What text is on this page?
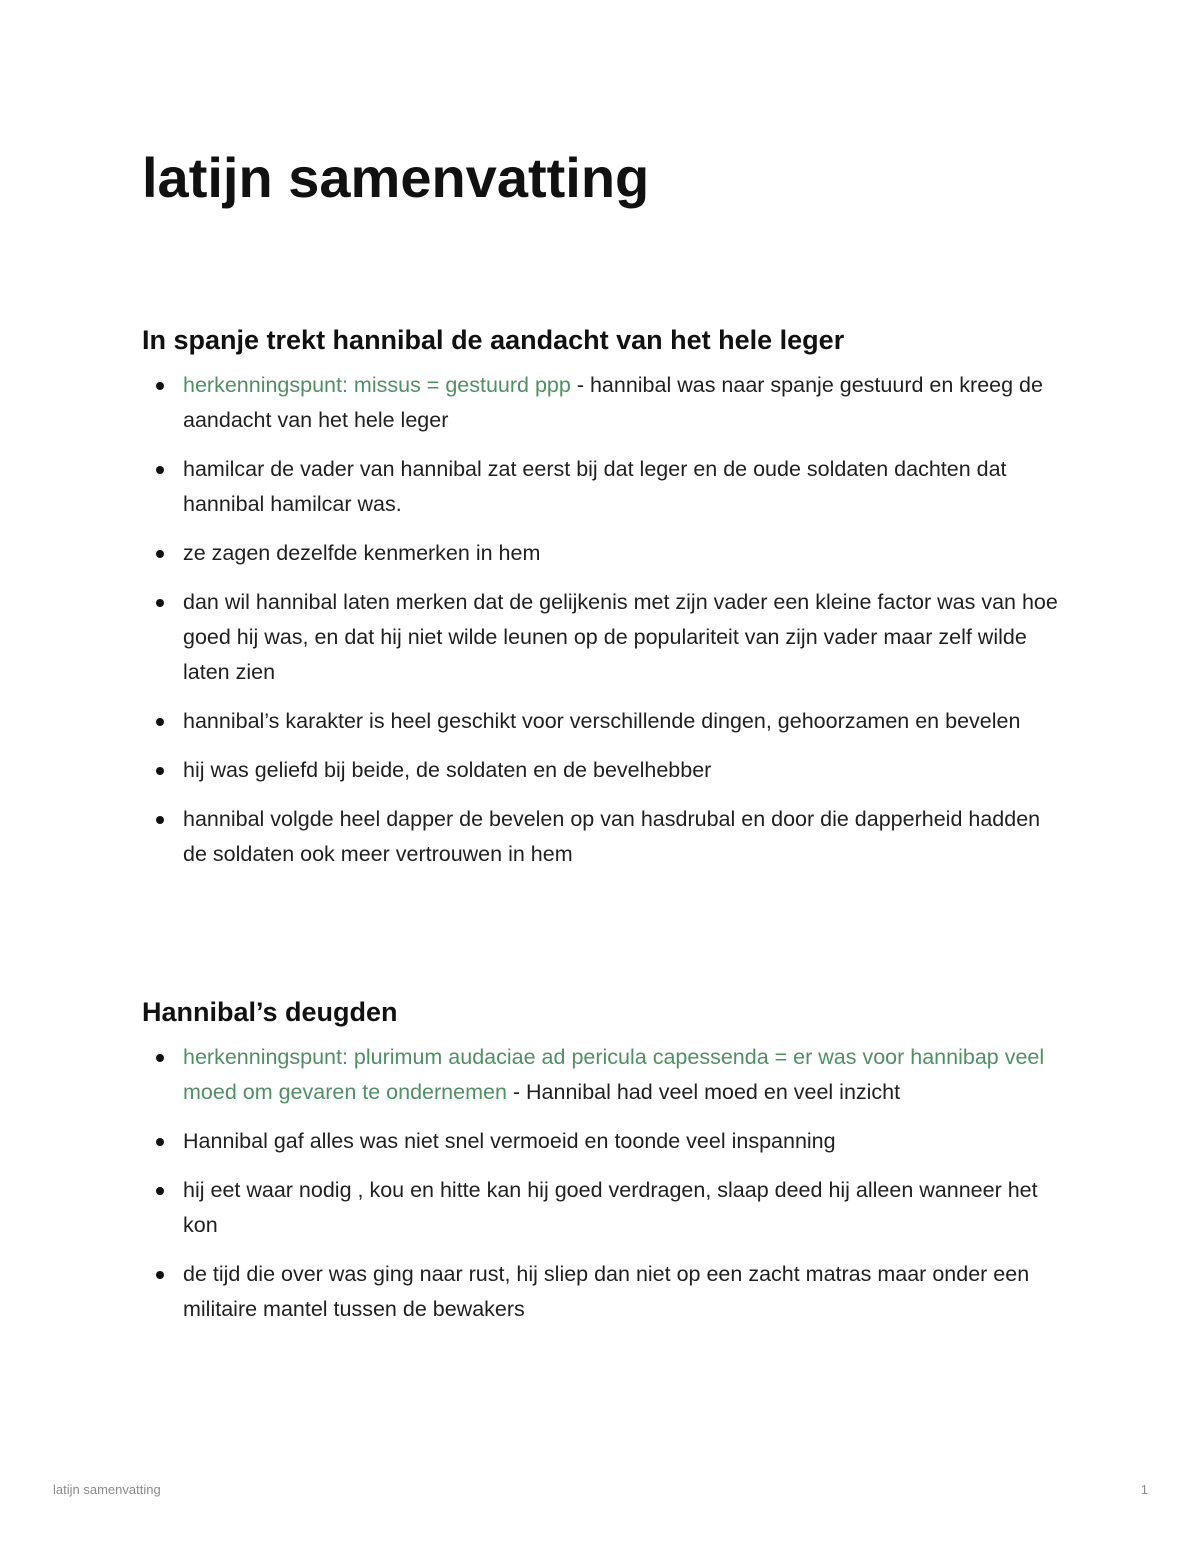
latijn samenvatting
In spanje trekt hannibal de aandacht van het hele leger
herkenningspunt: missus = gestuurd ppp - hannibal was naar spanje gestuurd en kreeg de aandacht van het hele leger
hamilcar de vader van hannibal zat eerst bij dat leger en de oude soldaten dachten dat hannibal hamilcar was.
ze zagen dezelfde kenmerken in hem
dan wil hannibal laten merken dat de gelijkenis met zijn vader een kleine factor was van hoe goed hij was, en dat hij niet wilde leunen op de populariteit van zijn vader maar zelf wilde laten zien
hannibal’s karakter is heel geschikt voor verschillende dingen, gehoorzamen en bevelen
hij was geliefd bij beide, de soldaten en de bevelhebber
hannibal volgde heel dapper de bevelen op van hasdrubal en door die dapperheid hadden de soldaten ook meer vertrouwen in hem
Hannibal’s deugden
herkenningspunt: plurimum audaciae ad pericula capessenda = er was voor hannibap veel moed om gevaren te ondernemen - Hannibal had veel moed en veel inzicht
Hannibal gaf alles was niet snel vermoeid en toonde veel inspanning
hij eet waar nodig , kou en hitte kan hij goed verdragen, slaap deed hij alleen wanneer het kon
de tijd die over was ging naar rust, hij sliep dan niet op een zacht matras maar onder een militaire mantel tussen de bewakers
latijn samenvatting	1
